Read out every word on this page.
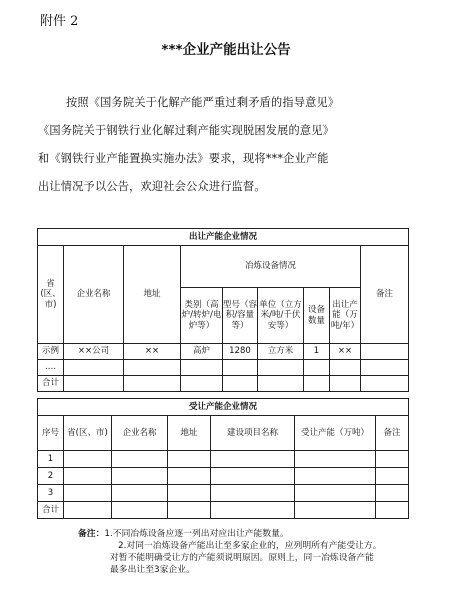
附件 2
***企业产能出让公告
按照《国务院关于化解产能严重过剩矛盾的指导意见》
《国务院关于钢铁行业化解过剩产能实现脱困发展的意见》
和《钢铁行业产能置换实施办法》要求，现将***企业产能
出让情况予以公告，欢迎社会公众进行监督。
出让产能企业情况								
省(区、市)	企业名称	地址	冶炼设备情况					备注
			类别（高炉/转炉/电炉等）	型号（容积/容量等）	单位（立方米/吨/千伏安等）	设备数量	出让产能（万吨/年）	
示例	××公司	××	高炉	1280	立方米	1	××	
….								
合计								
受让产能企业情况						
序号	省(区、市)	企业名称	地址	建设项目名称	受让产能（万吨）	备注
1						
2						
3						
合计						
备注：1.不同冶炼设备应逐一列出对应出让产能数量。
2.对同一冶炼设备产能出让至多家企业的，应列明所有产能受让方。
对暂不能明确受让方的产能须说明原因。原则上，同一冶炼设备产能
最多出让至3家企业。
